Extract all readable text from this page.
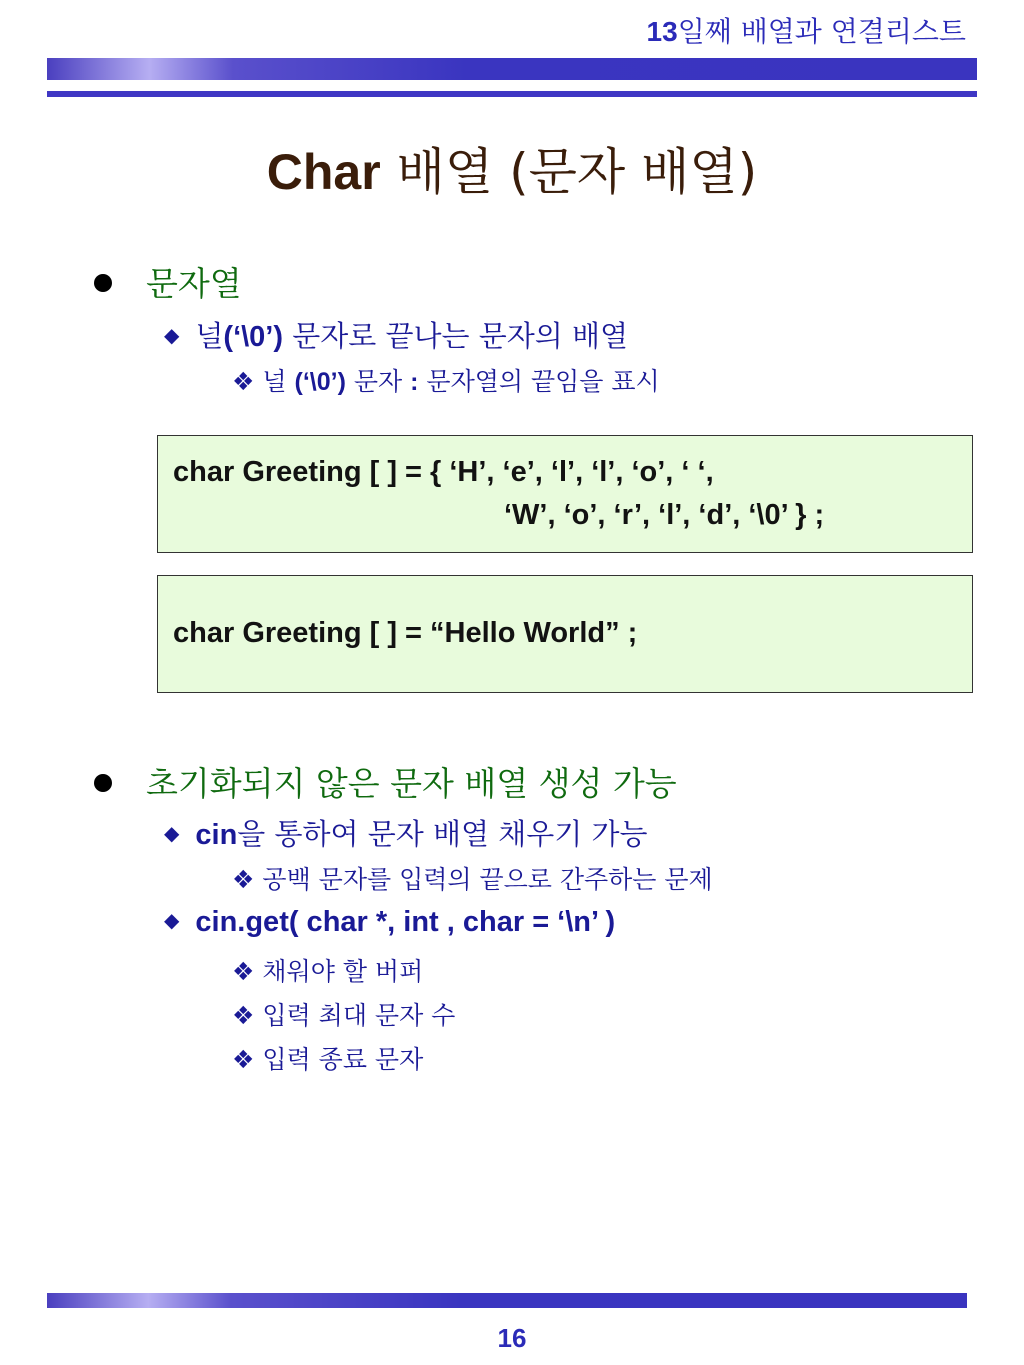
13일째 배열과 연결리스트
Char 배열 (문자 배열)
문자열
◆ 널(‘\0’) 문자로 끝나는 문자의 배열
❖ 널 (‘\0’) 문자 : 문자열의 끝임을 표시
char Greeting [ ] = { ‘H’, ‘e’, ‘l’, ‘l’, ‘o’, ‘ ‘,
‘W’, ‘o’, ‘r’, ‘l’, ‘d’, ‘\0’ } ;
char Greeting [ ] = “Hello World” ;
초기화되지 않은 문자 배열 생성 가능
◆ cin을 통하여 문자 배열 채우기 가능
❖ 공백 문자를 입력의 끝으로 간주하는 문제
◆ cin.get( char *, int , char = ‘\n’ )
❖ 채워야 할 버퍼
❖ 입력 최대 문자 수
❖ 입력 종료 문자
16
